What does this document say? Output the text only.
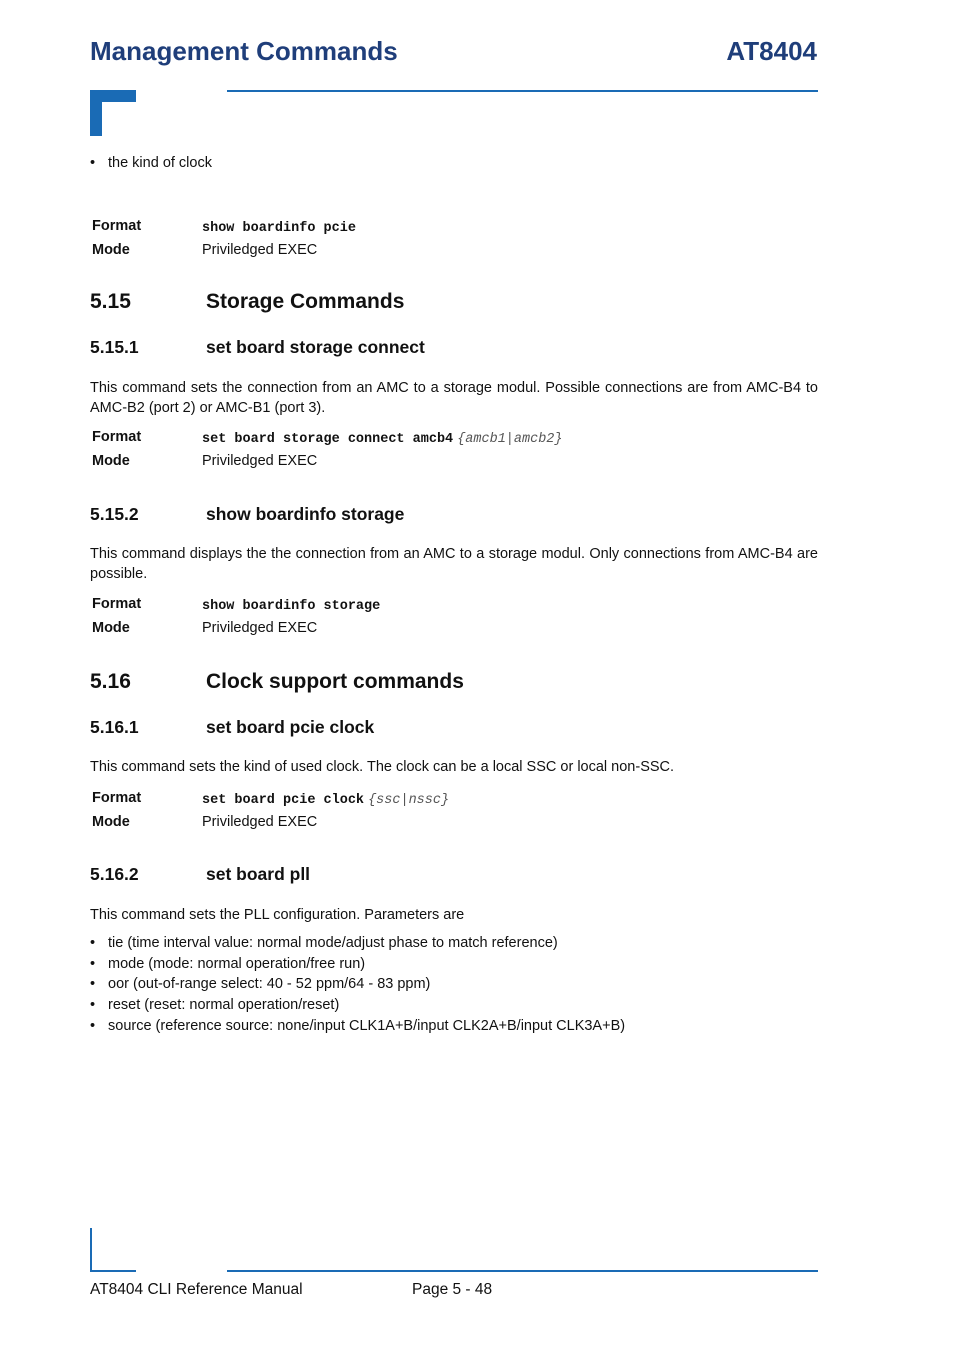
Management Commands	AT8404
• the kind of clock
Format	show boardinfo pcie
Mode	Priviledged EXEC
5.15	Storage Commands
5.15.1	set board storage connect
This command sets the connection from an AMC to a storage modul. Possible connections are from AMC-B4 to AMC-B2 (port 2) or AMC-B1 (port 3).
Format	set board storage connect amcb4 {amcb1|amcb2}
Mode	Priviledged EXEC
5.15.2	show boardinfo storage
This command displays the the connection from an AMC to a storage modul. Only connections from AMC-B4 are possible.
Format	show boardinfo storage
Mode	Priviledged EXEC
5.16	Clock support commands
5.16.1	set board pcie clock
This command sets the kind of used clock. The clock can be a local SSC or local non-SSC.
Format	set board pcie clock {ssc|nssc}
Mode	Priviledged EXEC
5.16.2	set board pll
This command sets the PLL configuration. Parameters are
• tie (time interval value: normal mode/adjust phase to match reference)
• mode (mode: normal operation/free run)
• oor (out-of-range select: 40 - 52 ppm/64 - 83 ppm)
• reset (reset: normal operation/reset)
• source (reference source: none/input CLK1A+B/input CLK2A+B/input CLK3A+B)
AT8404 CLI Reference Manual	Page 5 - 48
